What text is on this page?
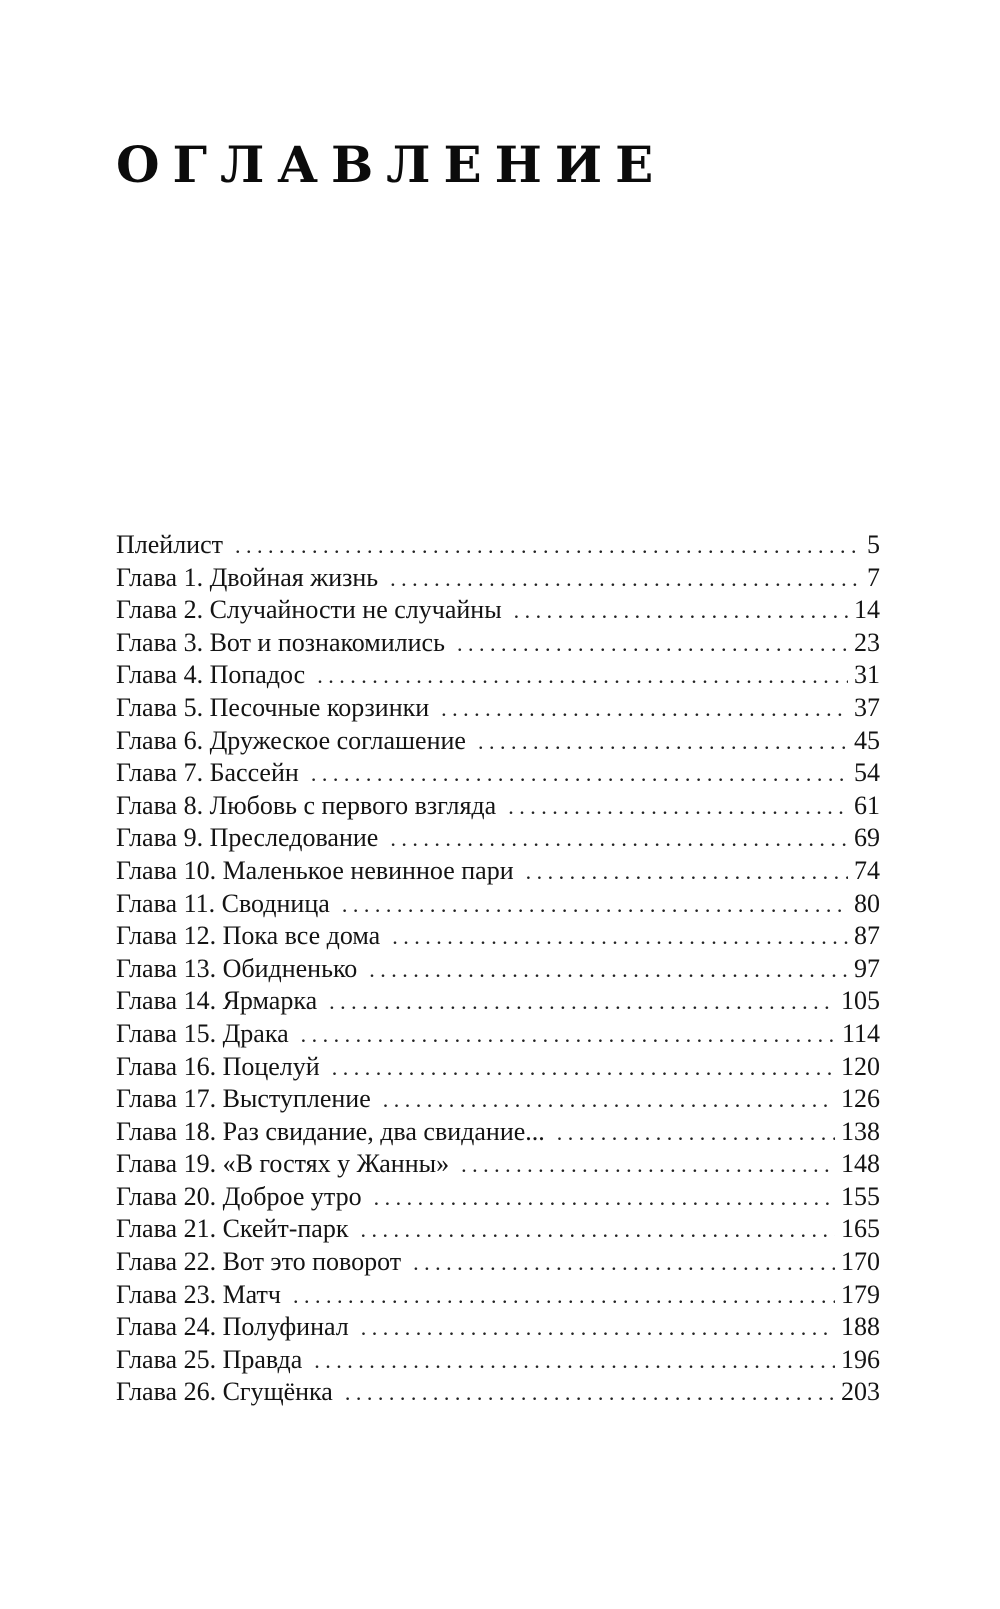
ОГЛАВЛЕНИЕ
Плейлист . . .	5
Глава 1. Двойная жизнь . . .	7
Глава 2. Случайности не случайны . . .	14
Глава 3. Вот и познакомились . . .	23
Глава 4. Попадос . . .	31
Глава 5. Песочные корзинки . . .	37
Глава 6. Дружеское соглашение . . .	45
Глава 7. Бассейн . . .	54
Глава 8. Любовь с первого взгляда . . .	61
Глава 9. Преследование . . .	69
Глава 10. Маленькое невинное пари . . .	74
Глава 11. Сводница . . .	80
Глава 12. Пока все дома . . .	87
Глава 13. Обидненько . . .	97
Глава 14. Ярмарка . . .	105
Глава 15. Драка . . .	114
Глава 16. Поцелуй . . .	120
Глава 17. Выступление . . .	126
Глава 18. Раз свидание, два свидание... . . .	138
Глава 19. «В гостях у Жанны» . . .	148
Глава 20. Доброе утро . . .	155
Глава 21. Скейт-парк . . .	165
Глава 22. Вот это поворот . . .	170
Глава 23. Матч . . .	179
Глава 24. Полуфинал . . .	188
Глава 25. Правда . . .	196
Глава 26. Сгущёнка . . .	203
